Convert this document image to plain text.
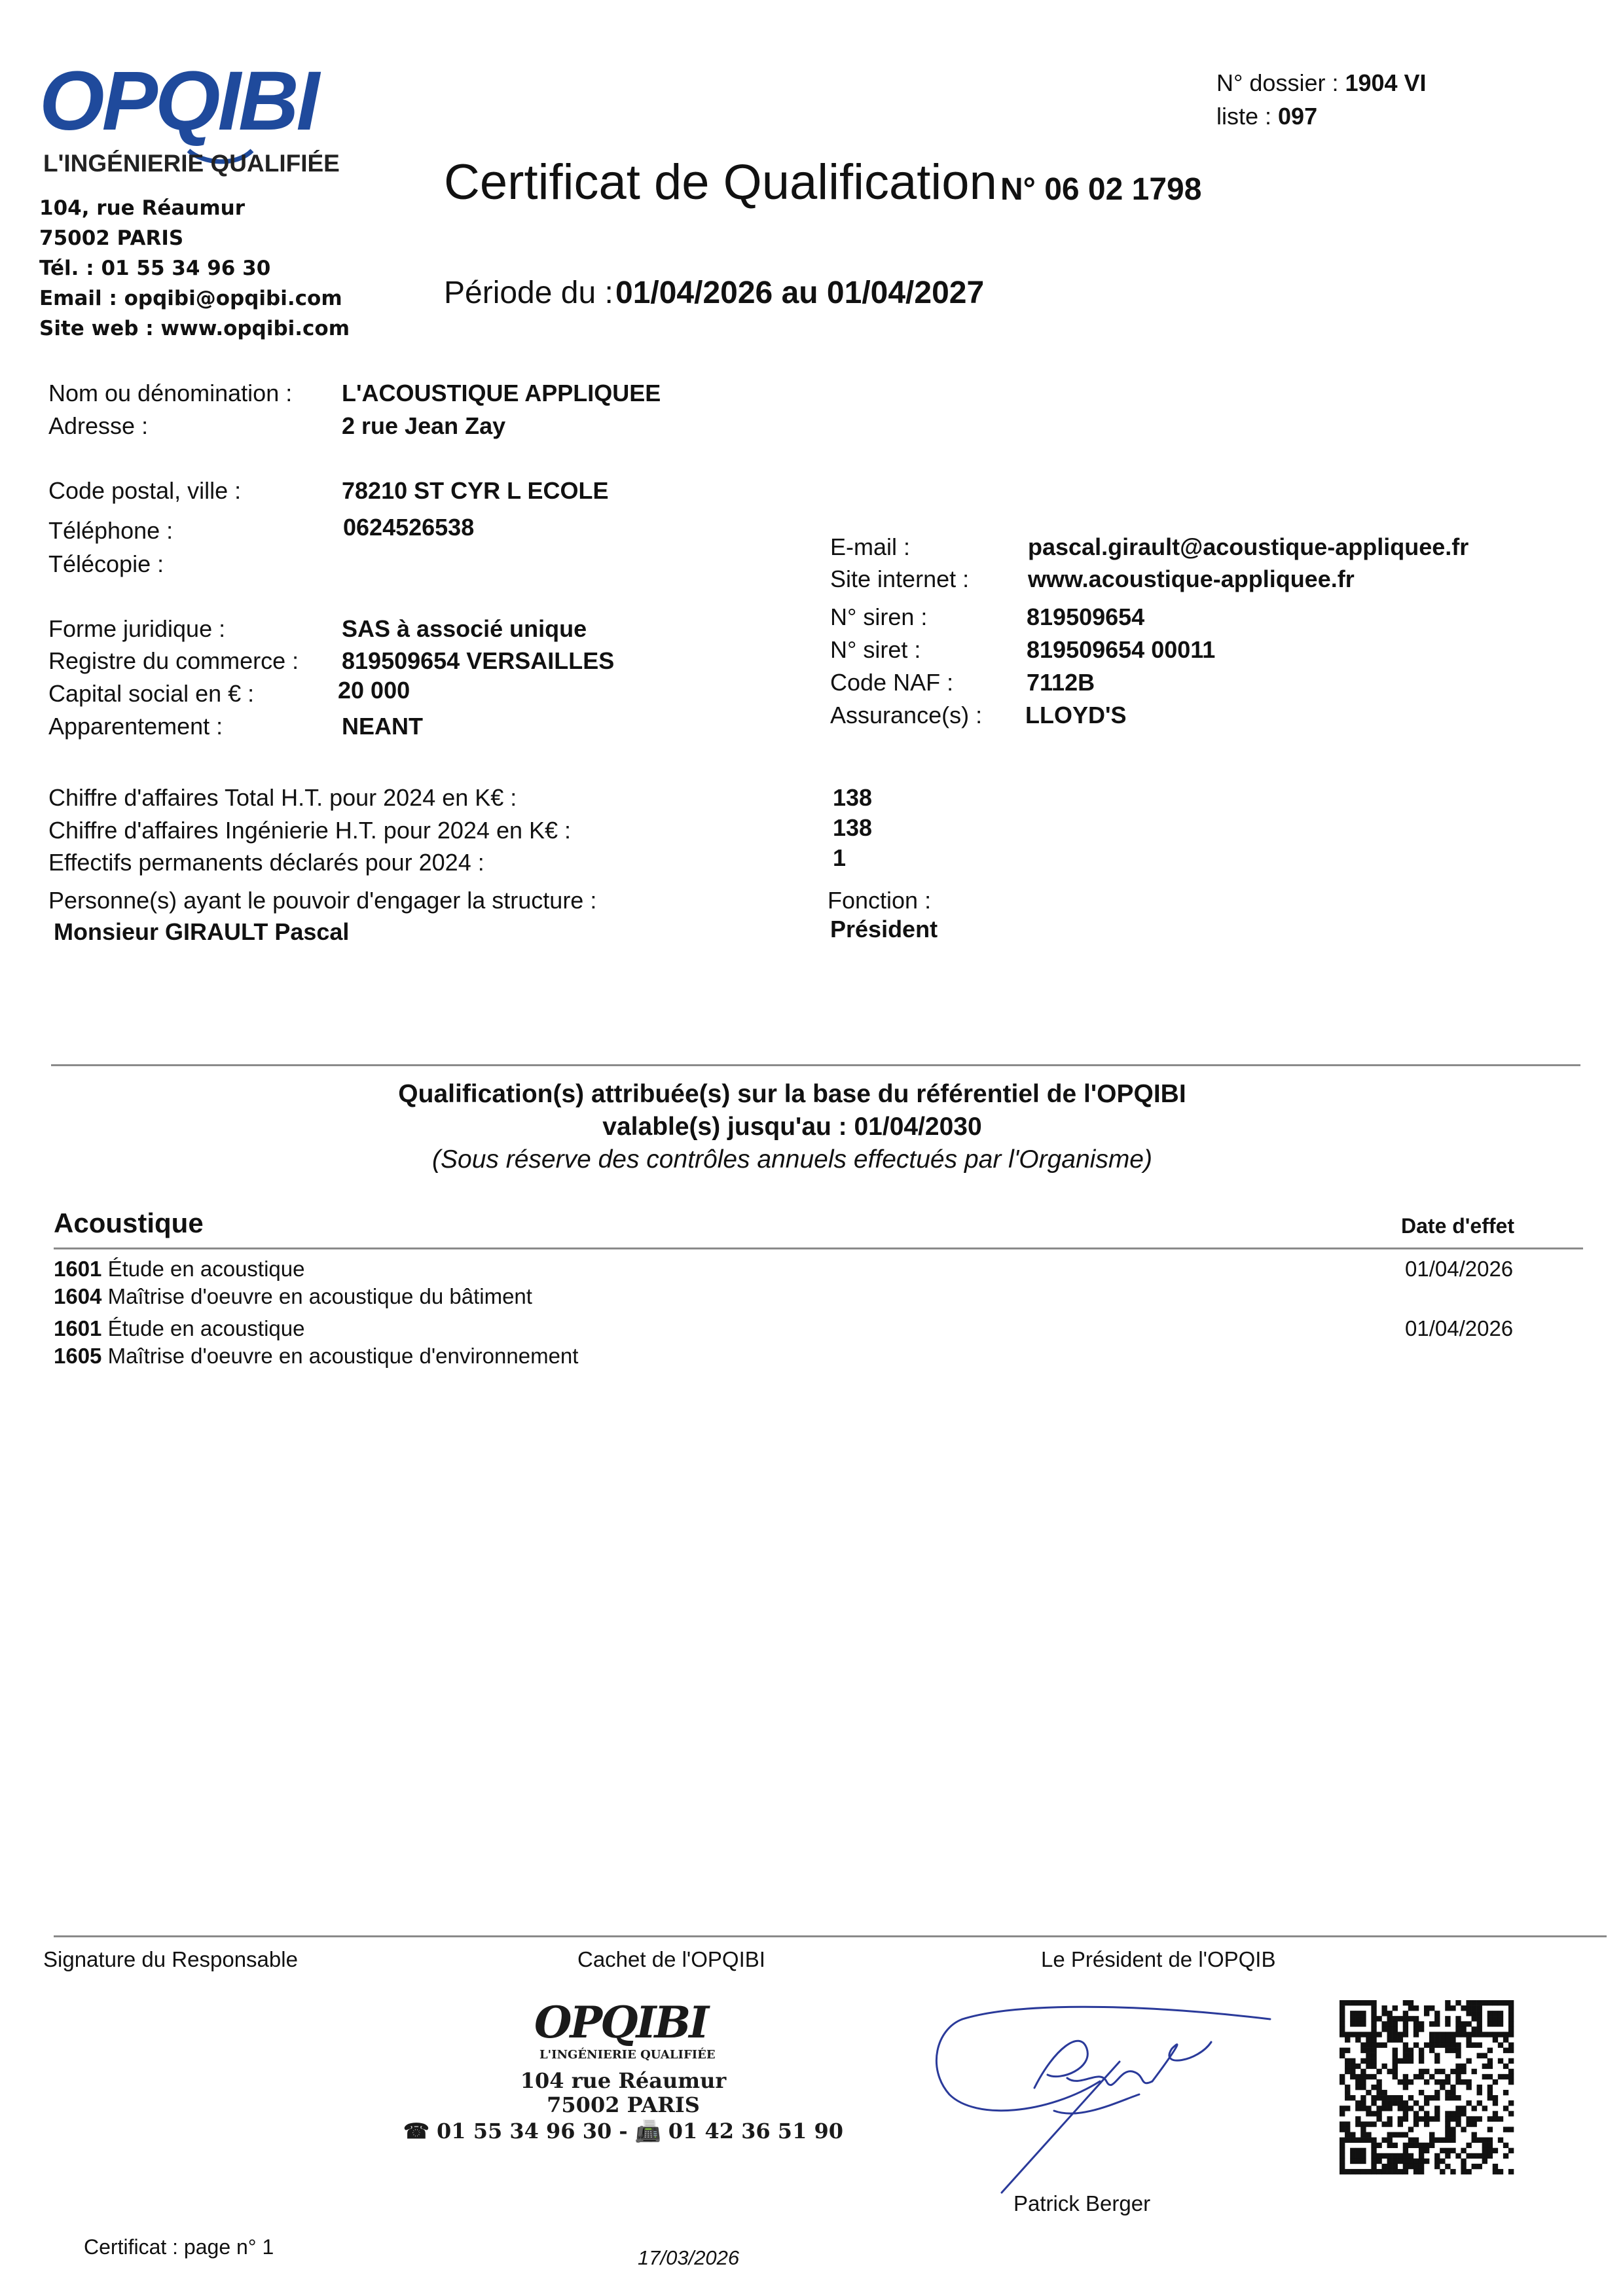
OPQIBI
L'INGÉNIERIE QUALIFIÉE
104, rue Réaumur
75002 PARIS
Tél. : 01 55 34 96 30
Email : opqibi@opqibi.com
Site web : www.opqibi.com
N° dossier : 1904 VI
liste : 097
Certificat de Qualification N° 06 02 1798
Période du : 01/04/2026 au 01/04/2027
Nom ou dénomination : L'ACOUSTIQUE APPLIQUEE
Adresse :	2 rue Jean Zay
Code postal, ville :	78210 ST CYR L ECOLE
Téléphone :	0624526538
Télécopie :
Forme juridique :	SAS à associé unique
Registre du commerce : 819509654 VERSAILLES
Capital social en € :	20 000
Apparentement :	NEANT
E-mail :	pascal.girault@acoustique-appliquee.fr
Site internet : www.acoustique-appliquee.fr
N° siren :	819509654
N° siret :	819509654 00011
Code NAF :	7112B
Assurance(s) : LLOYD'S
Chiffre d'affaires Total H.T. pour 2024 en K€ :	138
Chiffre d'affaires Ingénierie H.T. pour 2024 en K€ :	138
Effectifs permanents déclarés pour 2024 :	1
Personne(s) ayant le pouvoir d'engager la structure :
Monsieur GIRAULT Pascal
Fonction :
Président
Qualification(s) attribuée(s) sur la base du référentiel de l'OPQIBI
valable(s) jusqu'au : 01/04/2030
(Sous réserve des contrôles annuels effectués par l'Organisme)
Acoustique	Date d'effet
1601 Étude en acoustique	01/04/2026
1604 Maîtrise d'oeuvre en acoustique du bâtiment
1601 Étude en acoustique	01/04/2026
1605 Maîtrise d'oeuvre en acoustique d'environnement
Signature du Responsable	Cachet de l'OPQIBI	Le Président de l'OPQIB
OPQIBI
L'INGÉNIERIE QUALIFIÉE
104 rue Réaumur
75002 PARIS
☎ 01 55 34 96 30 - 📠 01 42 36 51 90
Patrick Berger
Certificat : page n° 1	17/03/2026
